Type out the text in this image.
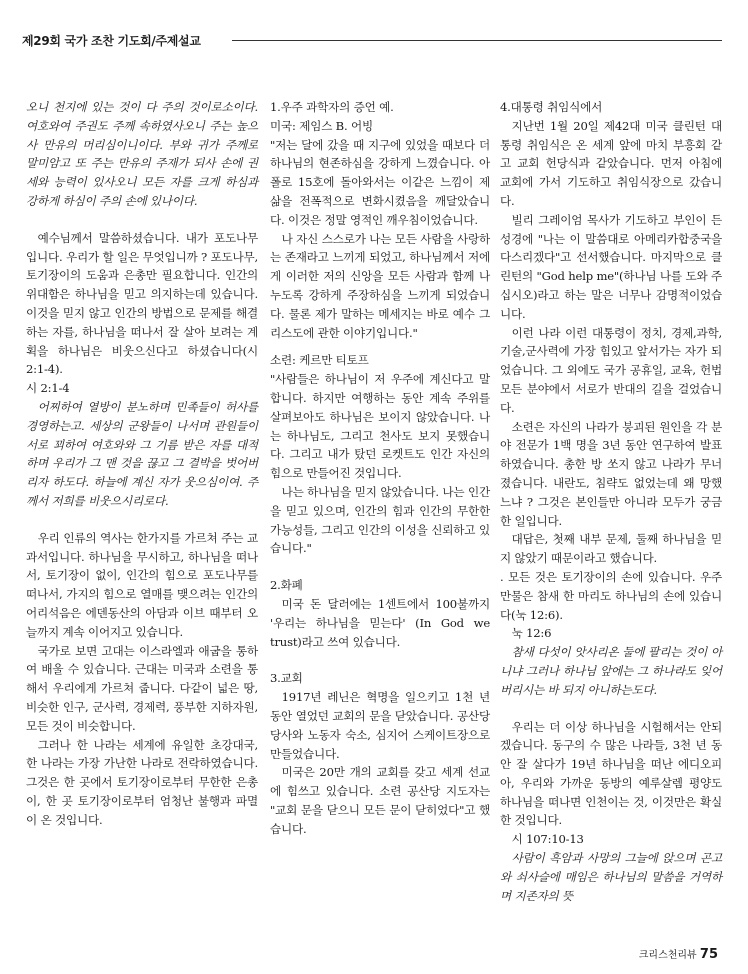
제29회 국가 조찬 기도회/주제설교

오니 천지에 있는 것이 다 주의 것이로소이다. 여호와여 주권도 주께 속하였사오니 주는 높으사 만유의 머리심이니이다. 부와 귀가 주께로 말미암고 또 주는 만유의 주재가 되사 손에 권세와 능력이 있사오니 모든 자를 크게 하심과 강하게 하심이 주의 손에 있나이다.

예수님께서 말씀하셨습니다. 내가 포도나무입니다. 우리가 할 일은 무엇입니까 ? 포도나무, 토기장이의 도움과 은총만 필요합니다. 인간의 위대함은 하나님을 믿고 의지하는데 있습니다. 이것을 믿지 않고 인간의 방법으로 문제를 해결하는 자를, 하나님을 떠나서 잘 살아 보려는 계획을 하나님은 비웃으신다고 하셨습니다(시 2:1-4).

시 2:1-4

어찌하여 열방이 분노하며 민족들이 허사를 경영하는고. 세상의 군왕들이 나서며 관원들이 서로 꾀하여 여호와와 그 기름 받은 자를 대적하며 우리가 그 맨 것을 끊고 그 결박을 벗어버리자 하도다. 하늘에 계신 자가 웃으심이여. 주께서 저희를 비웃으시리로다.

우리 인류의 역사는 한가지를 가르쳐 주는 교과서입니다. 하나님을 무시하고, 하나님을 떠나서, 토기장이 없이, 인간의 힘으로 포도나무를 떠나서, 가지의 힘으로 열매를 맺으려는 인간의 어리석음은 에덴동산의 아담과 이브 때부터 오늘까지 계속 이어지고 있습니다.

국가로 보면 고대는 이스라엘과 애굽을 통하여 배울 수 있습니다. 근대는 미국과 소련을 통해서 우리에게 가르쳐 줍니다. 다같이 넓은 땅, 비슷한 인구, 군사력, 경제력, 풍부한 지하자원, 모든 것이 비슷합니다.

그러나 한 나라는 세계에 유일한 초강대국, 한 나라는 가장 가난한 나라로 전락하였습니다. 그것은 한 곳에서 토기장이로부터 무한한 은총이, 한 곳 토기장이로부터 엄청난 불행과 파멸이 온 것입니다.

1.우주 과학자의 증언 예.

미국: 제임스 B. 어빙

"저는 달에 갔을 때 지구에 있었을 때보다 더 하나님의 현존하심을 강하게 느꼈습니다. 아폴로 15호에 돌아와서는 이같은 느낌이 제 삶을 전폭적으로 변화시켰음을 깨달았습니다. 이것은 정말 영적인 깨우침이었습니다.

나 자신 스스로가 나는 모든 사람을 사랑하는 존재라고 느끼게 되었고, 하나님께서 저에게 이러한 저의 신앙을 모든 사람과 함께 나누도록 강하게 주장하심을 느끼게 되었습니다. 물론 제가 말하는 메세지는 바로 예수 그리스도에 관한 이야기입니다."

소련: 케르만 티토프

"사람들은 하나님이 저 우주에 계신다고 말합니다. 하지만 여행하는 동안 계속 주위를 살펴보아도 하나님은 보이지 않았습니다. 나는 하나님도, 그리고 천사도 보지 못했습니다. 그리고 내가 탔던 로켓트도 인간 자신의 힘으로 만들어진 것입니다.

나는 하나님을 믿지 않았습니다. 나는 인간을 믿고 있으며, 인간의 힘과 인간의 무한한 가능성들, 그리고 인간의 이성을 신뢰하고 있습니다."

2.화폐

미국 돈 달러에는 1센트에서 100불까지 '우리는 하나님을 믿는다' (In God we trust)라고 쓰여 있습니다.

3.교회

1917년 레닌은 혁명을 일으키고 1천 년 동안 열었던 교회의 문을 닫았습니다. 공산당 당사와 노동자 숙소, 심지어 스케이트장으로 만들었습니다.

미국은 20만 개의 교회를 갖고 세계 선교에 힘쓰고 있습니다. 소련 공산당 지도자는 "교회 문을 닫으니 모든 문이 닫히었다"고 했습니다.

4.대통령 취임식에서

지난번 1월 20일 제42대 미국 클린턴 대통령 취임식은 온 세계 앞에 마치 부흥회 같고 교회 헌당식과 같았습니다. 먼저 아침에 교회에 가서 기도하고 취임식장으로 갔습니다.

빌리 그레이엄 목사가 기도하고 부인이 든 성경에 "나는 이 말씀대로 아메리카합중국을 다스리겠다"고 선서했습니다. 마지막으로 클린턴의 "God help me"(하나님 나를 도와 주십시오)라고 하는 말은 너무나 감명적이었습니다.

이런 나라 이런 대통령이 정치, 경제,과학,기술,군사력에 가장 힘있고 앞서가는 자가 되었습니다. 그 외에도 국가 공휴일, 교육, 헌법 모든 분야에서 서로가 반대의 길을 걸었습니다.

소련은 자신의 나라가 붕괴된 원인을 각 분야 전문가 1백 명을 3년 동안 연구하여 발표하였습니다. 총한 방 쏘지 않고 나라가 무너졌습니다. 내란도, 침략도 없었는데 왜 망했느냐 ? 그것은 본인들만 아니라 모두가 궁금한 일입니다.

대답은, 첫째 내부 문제, 둘째 하나님을 믿지 않았기 때문이라고 했습니다.

. 모든 것은 토기장이의 손에 있습니다. 우주 만물은 참새 한 마리도 하나님의 손에 있습니다(눅 12:6).

눅 12:6

참새 다섯이 앗사리온 둘에 팔리는 것이 아니냐 그러나 하나님 앞에는 그 하나라도 잊어버리시는 바 되지 아니하는도다.

우리는 더 이상 하나님을 시험해서는 안되겠습니다. 동구의 수 많은 나라들, 3천 년 동안 잘 살다가 19년 하나님을 떠난 에디오피아, 우리와 가까운 동방의 예루살렘 평양도 하나님을 떠나면 인천이는 것, 이것만은 확실한 것입니다.

시 107:10-13

사람이 흑암과 사망의 그늘에 앉으며 곤고와 쇠사슬에 매임은 하나님의 말씀을 거역하며 지존자의 뜻

크리스천리뷰 75
